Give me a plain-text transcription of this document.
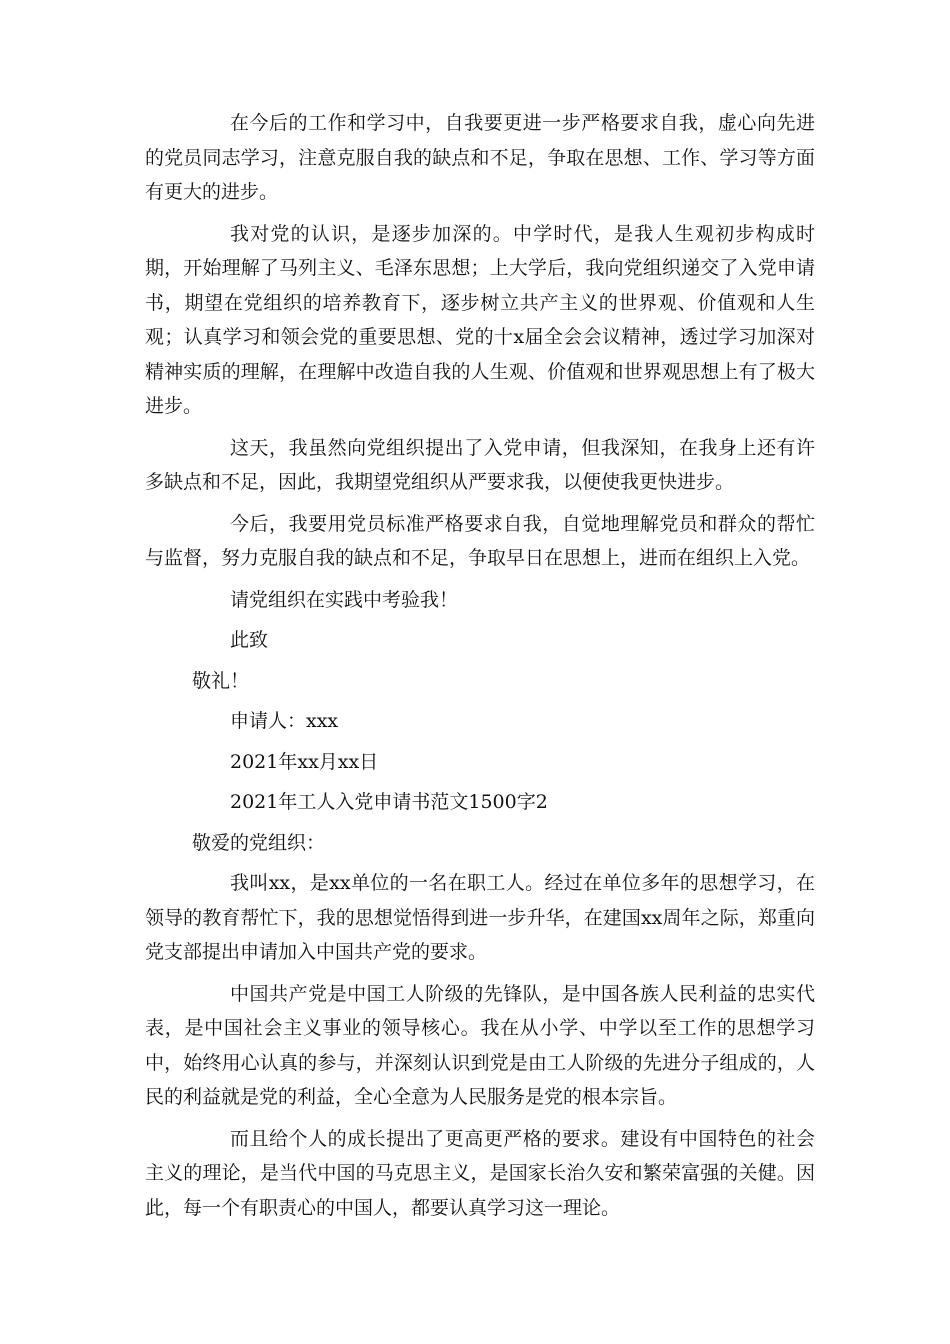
在今后的工作和学习中，自我要更进一步严格要求自我，虚心向先进的党员同志学习，注意克服自我的缺点和不足，争取在思想、工作、学习等方面有更大的进步。

我对党的认识，是逐步加深的。中学时代，是我人生观初步构成时期，开始理解了马列主义、毛泽东思想；上大学后，我向党组织递交了入党申请书，期望在党组织的培养教育下，逐步树立共产主义的世界观、价值观和人生观；认真学习和领会党的重要思想、党的十x届全会会议精神，透过学习加深对精神实质的理解，在理解中改造自我的人生观、价值观和世界观思想上有了极大进步。

这天，我虽然向党组织提出了入党申请，但我深知，在我身上还有许多缺点和不足，因此，我期望党组织从严要求我，以便使我更快进步。

今后，我要用党员标准严格要求自我，自觉地理解党员和群众的帮忙与监督，努力克服自我的缺点和不足，争取早日在思想上，进而在组织上入党。

请党组织在实践中考验我！
此致
敬礼！
申请人：xxx
2021年xx月xx日
2021年工人入党申请书范文1500字2
敬爱的党组织：

我叫xx，是xx单位的一名在职工人。经过在单位多年的思想学习，在领导的教育帮忙下，我的思想觉悟得到进一步升华，在建国xx周年之际，郑重向党支部提出申请加入中国共产党的要求。

中国共产党是中国工人阶级的先锋队，是中国各族人民利益的忠实代表，是中国社会主义事业的领导核心。我在从小学、中学以至工作的思想学习中，始终用心认真的参与，并深刻认识到党是由工人阶级的先进分子组成的，人民的利益就是党的利益，全心全意为人民服务是党的根本宗旨。

而且给个人的成长提出了更高更严格的要求。建设有中国特色的社会主义的理论，是当代中国的马克思主义，是国家长治久安和繁荣富强的关健。因此，每一个有职责心的中国人，都要认真学习这一理论。
